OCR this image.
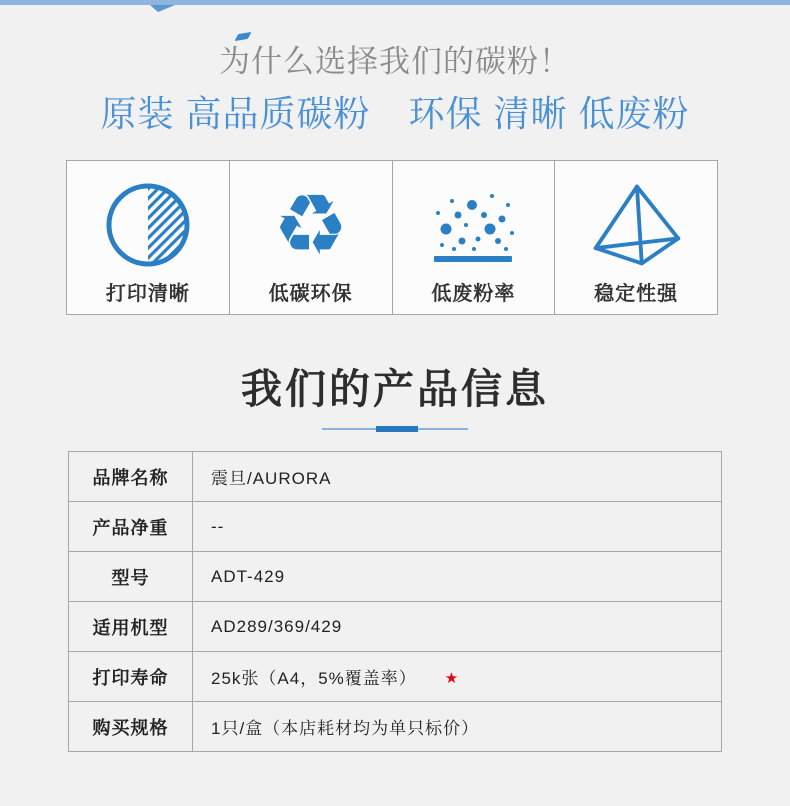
为什么选择我们的碳粉！
原装 高品质碳粉 环保 清晰 低废粉
打印清晰
♻
低碳环保	低废粉率	稳定性强
我们的产品信息
品牌名称	震旦/AURORA
产品净重	--
型号	ADT-429
适用机型	AD289/369/429
打印寿命	25k张（A4，5%覆盖率） ★
购买规格	1只/盒（本店耗材均为单只标价）
